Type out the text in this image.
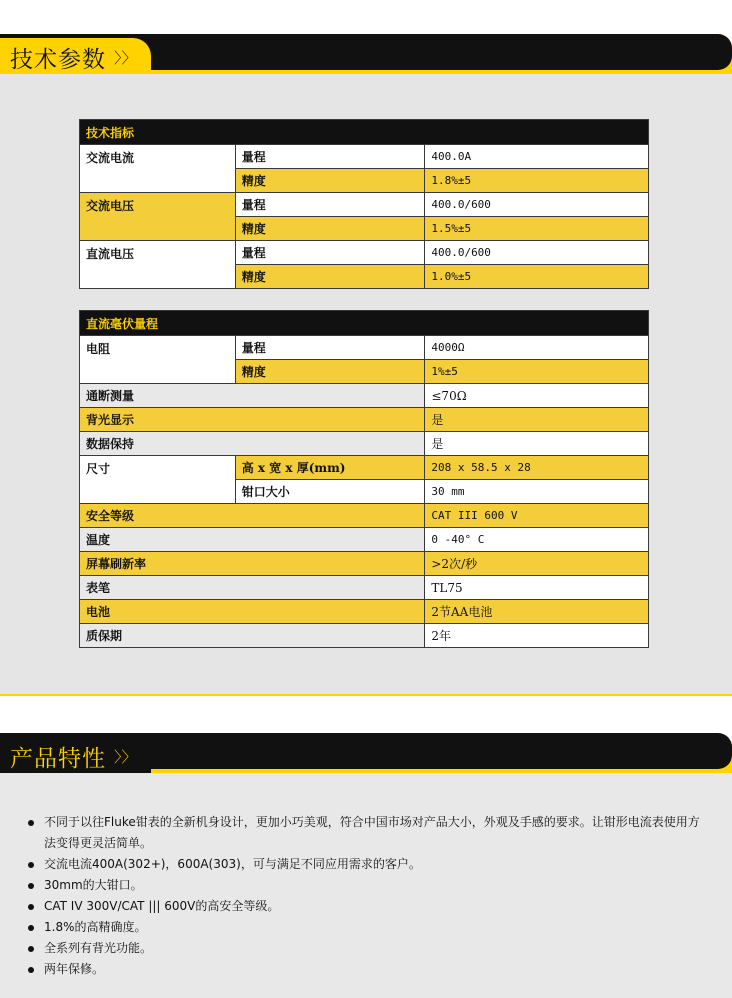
技术参数 〉〉
技术指标		
交流电流	量程	400.0A
	精度	1.8%±5
交流电压	量程	400.0/600
	精度	1.5%±5
直流电压	量程	400.0/600
	精度	1.0%±5
直流毫伏量程		
电阻	量程	4000Ω
	精度	1%±5
通断测量		≤70Ω
背光显示		是
数据保持		是
尺寸	高 x 宽 x 厚(mm)	208 x 58.5 x 28
	钳口大小	30 mm
安全等级		CAT III 600 V
温度		0 -40° C
屏幕刷新率		>2次/秒
表笔		TL75
电池		2节AA电池
质保期		2年
产品特性 〉〉
不同于以往Fluke钳表的全新机身设计，更加小巧美观，符合中国市场对产品大小，外观及手感的要求。让钳形电流表使用方法变得更灵活简单。
交流电流400A(302+)，600A(303)，可与满足不同应用需求的客户。
30mm的大钳口。
CAT IV 300V/CAT ||| 600V的高安全等级。
1.8%的高精确度。
全系列有背光功能。
两年保修。
